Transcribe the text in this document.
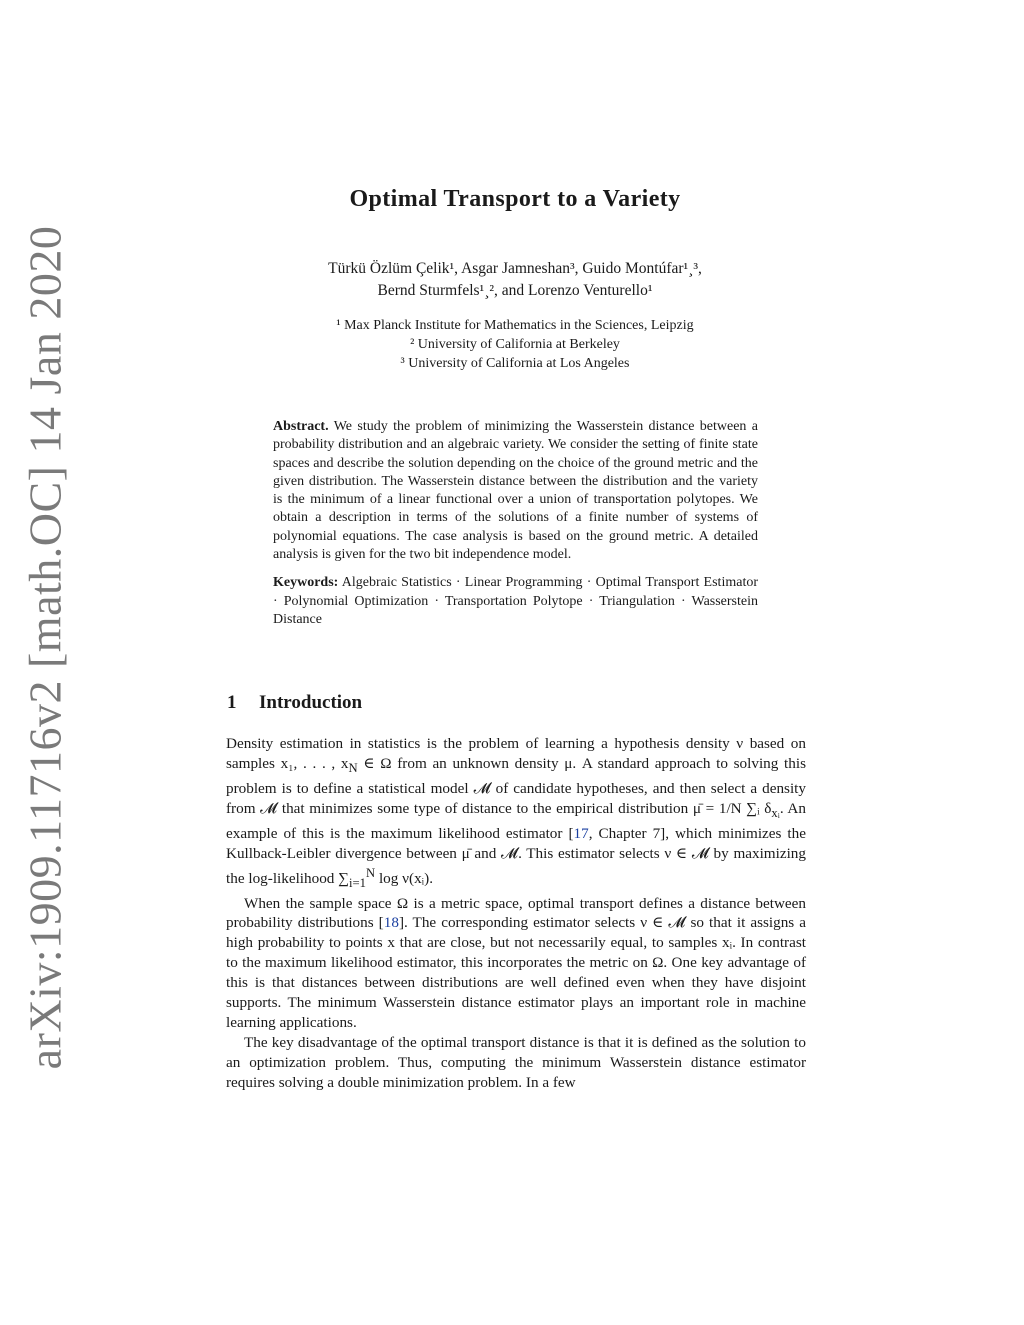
arXiv:1909.11716v2 [math.OC] 14 Jan 2020
Optimal Transport to a Variety

Türkü Özlüm Çelik¹, Asgar Jamneshan³, Guido Montúfar¹¸³,

Bernd Sturmfels¹¸², and Lorenzo Venturello¹

¹ Max Planck Institute for Mathematics in the Sciences, Leipzig

² University of California at Berkeley

³ University of California at Los Angeles

Abstract. We study the problem of minimizing the Wasserstein distance between a probability distribution and an algebraic variety. We consider the setting of finite state spaces and describe the solution depending on the choice of the ground metric and the given distribution. The Wasserstein distance between the distribution and the variety is the minimum of a linear functional over a union of transportation polytopes. We obtain a description in terms of the solutions of a finite number of systems of polynomial equations. The case analysis is based on the ground metric. A detailed analysis is given for the two bit independence model.

Keywords: Algebraic Statistics · Linear Programming · Optimal Transport Estimator · Polynomial Optimization · Transportation Polytope · Triangulation · Wasserstein Distance

1 Introduction

Density estimation in statistics is the problem of learning a hypothesis density ν based on samples x₁, . . . , $x_N$ ∈ Ω from an unknown density μ. A standard approach to solving this problem is to define a statistical model 𝓜 of candidate hypotheses, and then select a density from 𝓜 that minimizes some type of distance to the empirical distribution μ̄ = 1/N ∑ᵢ $\delta_{xᵢ}$. An example of this is the maximum likelihood estimator [17, Chapter 7], which minimizes the Kullback-Leibler divergence between μ̄ and 𝓜. This estimator selects ν ∈ 𝓜 by maximizing the log-likelihood $\sum_{i=1}^N$ log ν(xᵢ).

When the sample space Ω is a metric space, optimal transport defines a distance between probability distributions [18]. The corresponding estimator selects ν ∈ 𝓜 so that it assigns a high probability to points x that are close, but not necessarily equal, to samples xᵢ. In contrast to the maximum likelihood estimator, this incorporates the metric on Ω. One key advantage of this is that distances between distributions are well defined even when they have disjoint supports. The minimum Wasserstein distance estimator plays an important role in machine learning applications.

The key disadvantage of the optimal transport distance is that it is defined as the solution to an optimization problem. Thus, computing the minimum Wasserstein distance estimator requires solving a double minimization problem. In a few
